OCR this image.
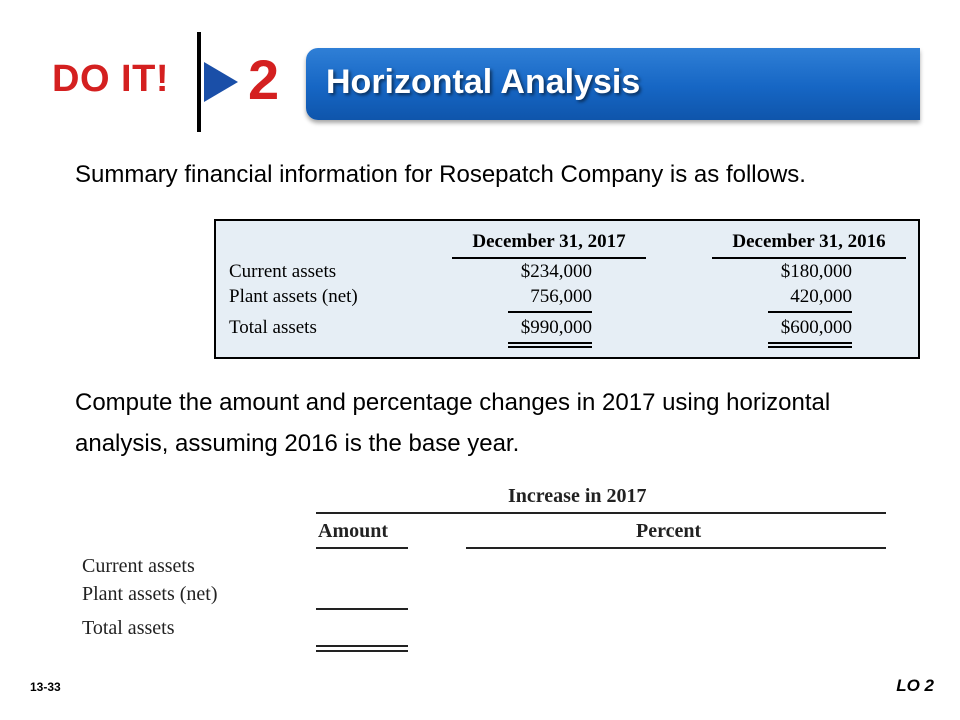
DO IT! 2 Horizontal Analysis
Summary financial information for Rosepatch Company is as follows.
December 31, 2017	December 31, 2016
Current assets	$234,000	$180,000
Plant assets (net)	756,000	420,000
Total assets	$990,000	$600,000
Compute the amount and percentage changes in 2017 using horizontal analysis, assuming 2016 is the base year.
Increase in 2017
Amount	Percent
Current assets
Plant assets (net)
Total assets
13-33	LO 2
